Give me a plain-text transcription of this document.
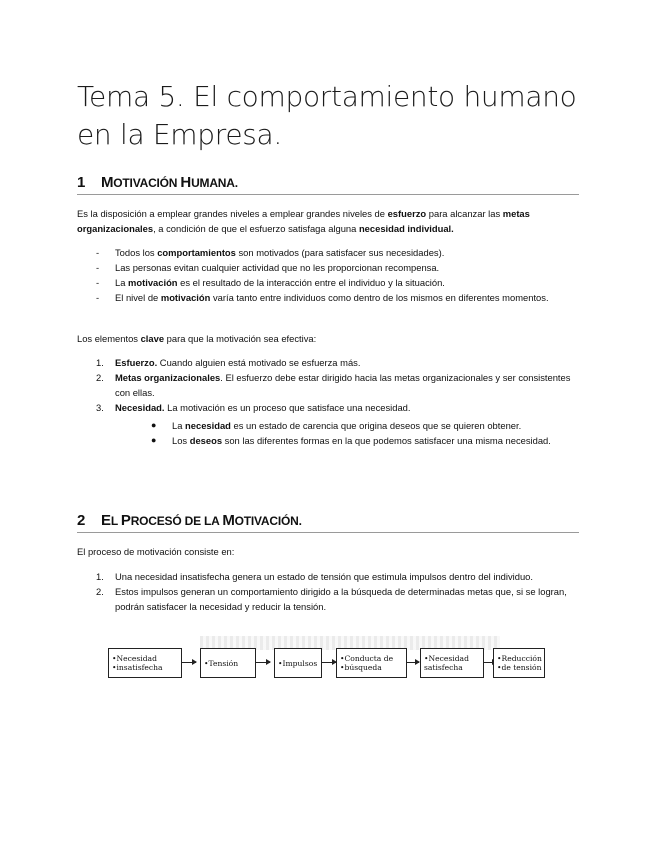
Tema 5. El comportamiento humano en la Empresa.
1 MOTIVACIÓN HUMANA.
Es la disposición a emplear grandes niveles a emplear grandes niveles de esfuerzo para alcanzar las metas organizacionales, a condición de que el esfuerzo satisfaga alguna necesidad individual.
- Todos los comportamientos son motivados (para satisfacer sus necesidades).
- Las personas evitan cualquier actividad que no les proporcionan recompensa.
- La motivación es el resultado de la interacción entre el individuo y la situación.
- El nivel de motivación varía tanto entre individuos como dentro de los mismos en diferentes momentos.
Los elementos clave para que la motivación sea efectiva:
1. Esfuerzo. Cuando alguien está motivado se esfuerza más.
2. Metas organizacionales. El esfuerzo debe estar dirigido hacia las metas organizacionales y ser consistentes con ellas.
3. Necesidad. La motivación es un proceso que satisface una necesidad.
● La necesidad es un estado de carencia que origina deseos que se quieren obtener.
● Los deseos son las diferentes formas en la que podemos satisfacer una misma necesidad.
2 EL PROCESÓ DE LA MOTIVACIÓN.
El proceso de motivación consiste en:
1. Una necesidad insatisfecha genera un estado de tensión que estimula impulsos dentro del individuo.
2. Estos impulsos generan un comportamiento dirigido a la búsqueda de determinadas metas que, si se logran, podrán satisfacer la necesidad y reducir la tensión.
•Necesidad
•insatisfecha	•Tensión	•Impulsos	•Conducta de
•búsqueda
•Necesidad
satisfecha
•Reducción
•de tensión
